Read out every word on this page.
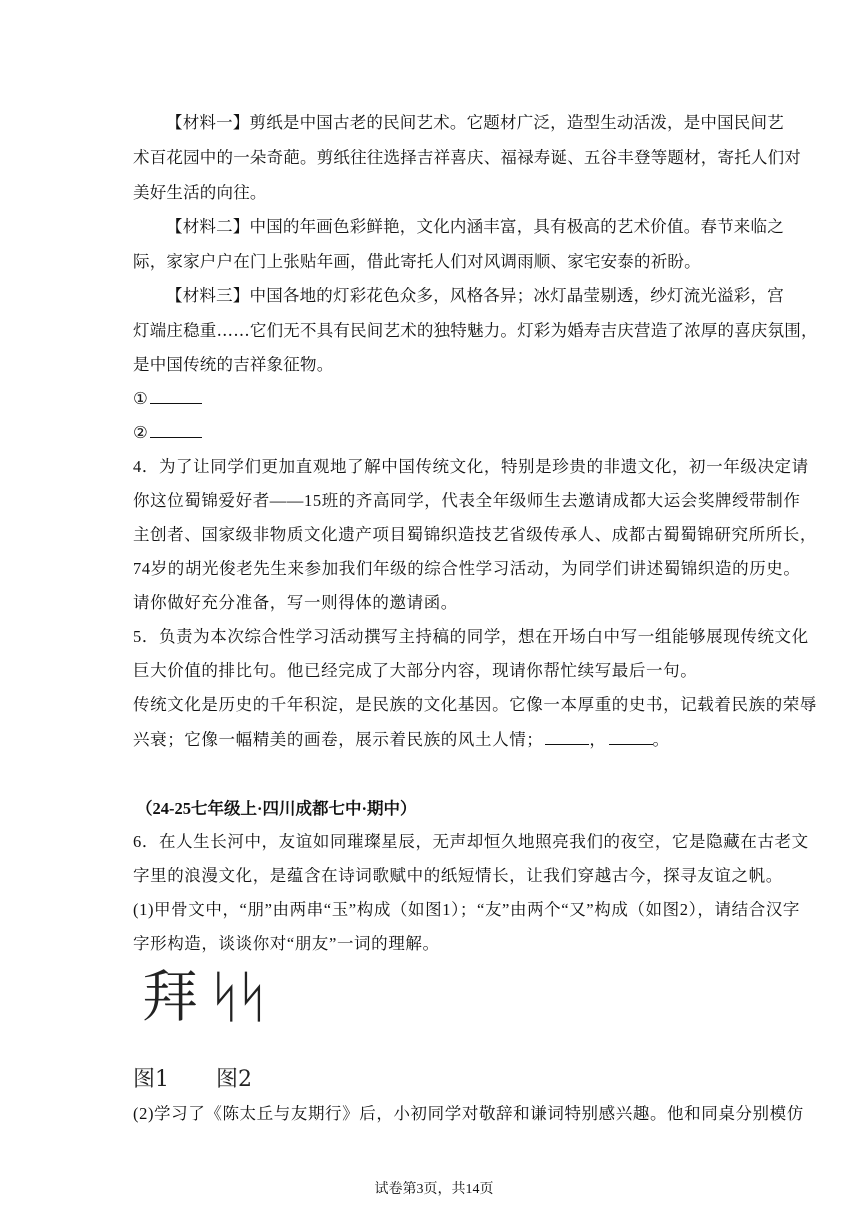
【材料一】剪纸是中国古老的民间艺术。它题材广泛，造型生动活泼，是中国民间艺
术百花园中的一朵奇葩。剪纸往往选择吉祥喜庆、福禄寿诞、五谷丰登等题材，寄托人们对
美好生活的向往。
【材料二】中国的年画色彩鲜艳，文化内涵丰富，具有极高的艺术价值。春节来临之
际，家家户户在门上张贴年画，借此寄托人们对风调雨顺、家宅安泰的祈盼。
【材料三】中国各地的灯彩花色众多，风格各异；冰灯晶莹剔透，纱灯流光溢彩，宫
灯端庄稳重……它们无不具有民间艺术的独特魅力。灯彩为婚寿吉庆营造了浓厚的喜庆氛围，
是中国传统的吉祥象征物。
①
②
4．为了让同学们更加直观地了解中国传统文化，特别是珍贵的非遗文化，初一年级决定请
你这位蜀锦爱好者——15班的齐高同学，代表全年级师生去邀请成都大运会奖牌绶带制作
主创者、国家级非物质文化遗产项目蜀锦织造技艺省级传承人、成都古蜀蜀锦研究所所长，
74岁的胡光俊老先生来参加我们年级的综合性学习活动，为同学们讲述蜀锦织造的历史。
请你做好充分准备，写一则得体的邀请函。
5．负责为本次综合性学习活动撰写主持稿的同学，想在开场白中写一组能够展现传统文化
巨大价值的排比句。他已经完成了大部分内容，现请你帮忙续写最后一句。
传统文化是历史的千年积淀，是民族的文化基因。它像一本厚重的史书，记载着民族的荣辱
兴衰；它像一幅精美的画卷，展示着民族的风土人情；	，	。
（24-25七年级上·四川成都七中·期中）
6．在人生长河中，友谊如同璀璨星辰，无声却恒久地照亮我们的夜空，它是隐藏在古老文
字里的浪漫文化，是蕴含在诗词歌赋中的纸短情长，让我们穿越古今，探寻友谊之帆。
(1)甲骨文中，“朋”由两串“玉”构成（如图1）；“友”由两个“又”构成（如图2），请结合汉字
字形构造，谈谈你对“朋友”一词的理解。
拜 ᛋᛋ
图1 图2
(2)学习了《陈太丘与友期行》后，小初同学对敬辞和谦词特别感兴趣。他和同桌分别模仿
试卷第3页，共14页
